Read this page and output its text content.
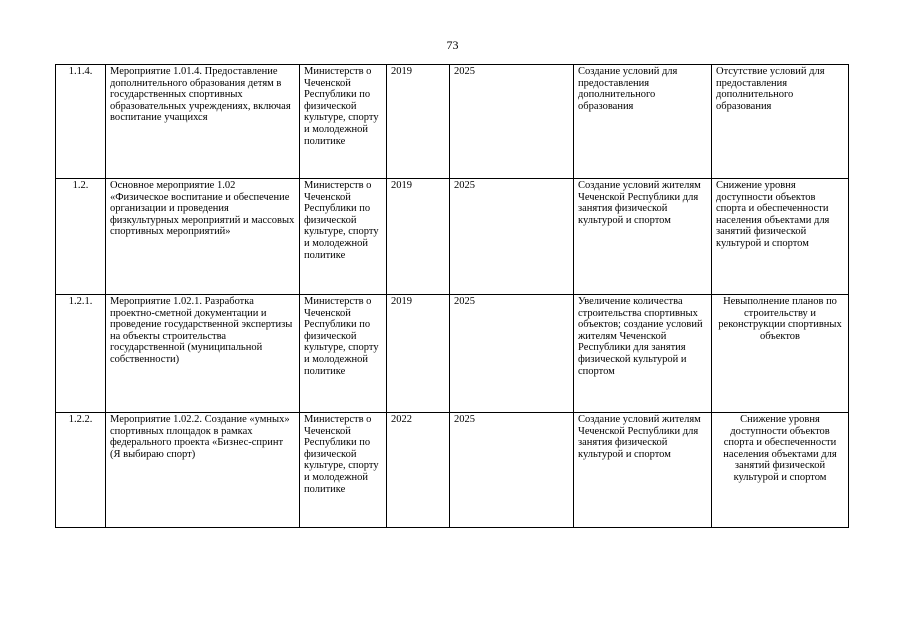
73
1.1.4.	Мероприятие 1.01.4. Предоставление дополнительного образования детям в государственных спортивных образовательных учреждениях, включая воспитание учащихся	Министерств о Чеченской Республики по физической культуре, спорту и молодежной политике	2019	2025	Создание условий для предоставления дополнительного образования	Отсутствие условий для предоставления дополнительного образования
1.2.	Основное мероприятие 1.02 «Физическое воспитание и обеспечение организации и проведения физкультурных мероприятий и массовых спортивных мероприятий»	Министерств о Чеченской Республики по физической культуре, спорту и молодежной политике	2019	2025	Создание условий жителям Чеченской Республики для занятия физической культурой и спортом	Снижение уровня доступности объектов спорта и обеспеченности населения объектами для занятий физической культурой и спортом
1.2.1.	Мероприятие 1.02.1. Разработка проектно-сметной документации и проведение государственной экспертизы на объекты строительства государственной (муниципальной собственности)	Министерств о Чеченской Республики по физической культуре, спорту и молодежной политике	2019	2025	Увеличение количества строительства спортивных объектов; создание условий жителям Чеченской Республики для занятия физической культурой и спортом	Невыполнение планов по строительству и реконструкции спортивных объектов
1.2.2.	Мероприятие 1.02.2. Создание «умных» спортивных площадок в рамках федерального проекта «Бизнес-спринт (Я выбираю спорт)	Министерств о Чеченской Республики по физической культуре, спорту и молодежной политике	2022	2025	Создание условий жителям Чеченской Республики для занятия физической культурой и спортом	Снижение уровня доступности объектов спорта и обеспеченности населения объектами для занятий физической культурой и спортом
